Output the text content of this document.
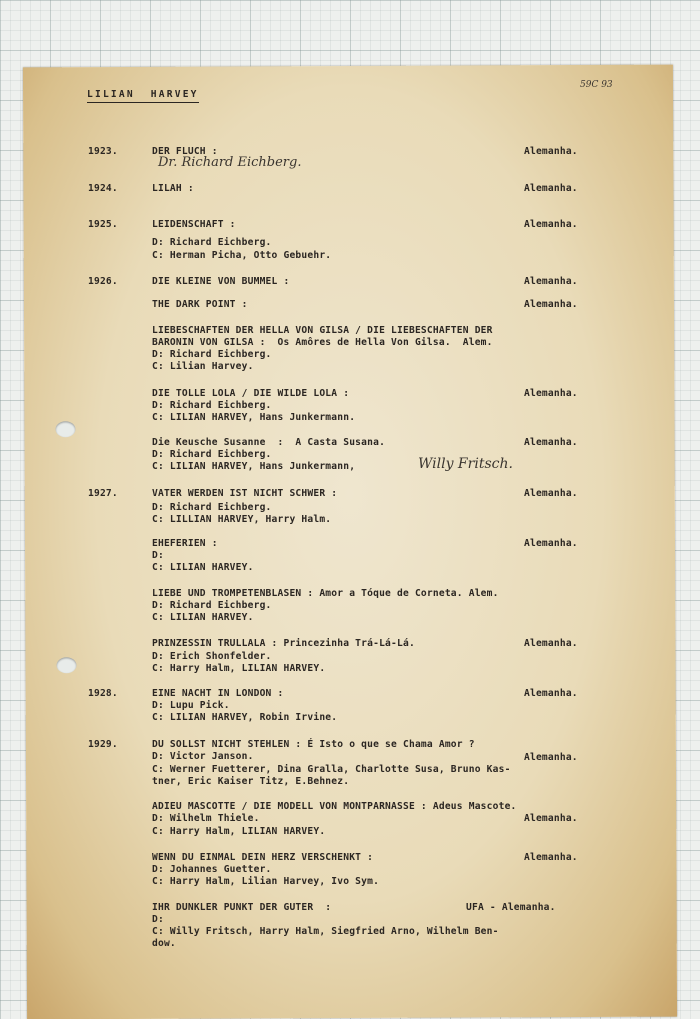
LILIAN  HARVEY
59C 93
1923.	DER FLUCH :	Alemanha.
Dr. Richard Eichberg.
1924.	LILAH :	Alemanha.
1925.	LEIDENSCHAFT :	Alemanha.
D: Richard Eichberg.
C: Herman Picha, Otto Gebuehr.
1926.	DIE KLEINE VON BUMMEL :	Alemanha.
THE DARK POINT :	Alemanha.
LIEBESCHAFTEN DER HELLA VON GILSA / DIE LIEBESCHAFTEN DER
BARONIN VON GILSA :  Os Amôres de Hella Von Gilsa.  Alem.
D: Richard Eichberg.
C: Lilian Harvey.
DIE TOLLE LOLA / DIE WILDE LOLA :	Alemanha.
D: Richard Eichberg.
C: LILIAN HARVEY, Hans Junkermann.
Die Keusche Susanne  :  A Casta Susana.	Alemanha.
D: Richard Eichberg.
C: LILIAN HARVEY, Hans Junkermann,	Willy Fritsch.
1927.	VATER WERDEN IST NICHT SCHWER :	Alemanha.
D: Richard Eichberg.
C: LILLIAN HARVEY, Harry Halm.
EHEFERIEN :	Alemanha.
D:
C: LILIAN HARVEY.
LIEBE UND TROMPETENBLASEN : Amor a Tóque de Corneta. Alem.
D: Richard Eichberg.
C: LILIAN HARVEY.
PRINZESSIN TRULLALA : Princezinha Trá-Lá-Lá.	Alemanha.
D: Erich Shonfelder.
C: Harry Halm, LILIAN HARVEY.
1928.	EINE NACHT IN LONDON :	Alemanha.
D: Lupu Pick.
C: LILIAN HARVEY, Robin Irvine.
1929.	DU SOLLST NICHT STEHLEN : É Isto o que se Chama Amor ?
D: Victor Janson.	Alemanha.
C: Werner Fuetterer, Dina Gralla, Charlotte Susa, Bruno Kas-
tner, Eric Kaiser Titz, E.Behnez.
ADIEU MASCOTTE / DIE MODELL VON MONTPARNASSE : Adeus Mascote.
D: Wilhelm Thiele.	Alemanha.
C: Harry Halm, LILIAN HARVEY.
WENN DU EINMAL DEIN HERZ VERSCHENKT :	Alemanha.
D: Johannes Guetter.
C: Harry Halm, Lilian Harvey, Ivo Sym.
IHR DUNKLER PUNKT DER GUTER  :	UFA - Alemanha.
D:
C: Willy Fritsch, Harry Halm, Siegfried Arno, Wilhelm Ben-
dow.
